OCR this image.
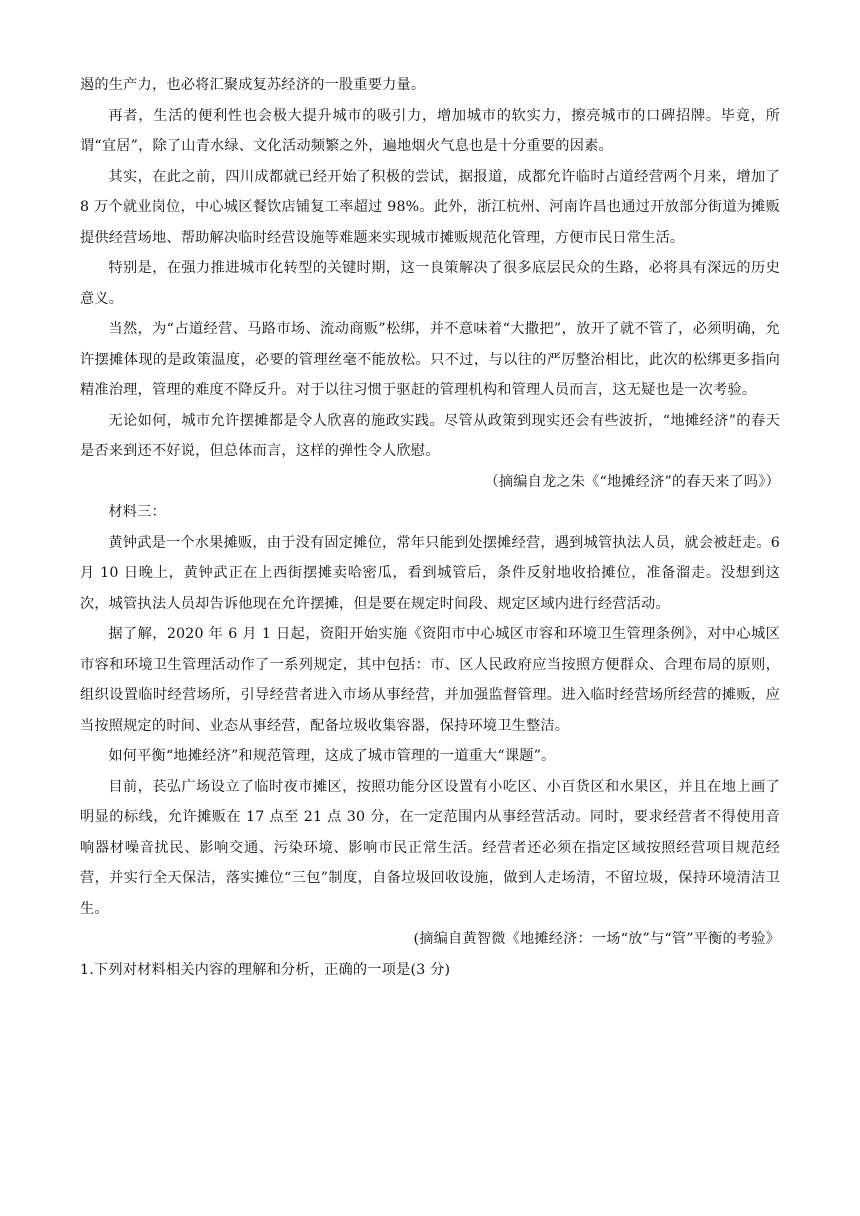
遏的生产力，也必将汇聚成复苏经济的一股重要力量。

再者，生活的便利性也会极大提升城市的吸引力，增加城市的软实力，擦亮城市的口碑招牌。毕竟，所谓“宜居”，除了山青水绿、文化活动频繁之外，遍地烟火气息也是十分重要的因素。

其实，在此之前，四川成都就已经开始了积极的尝试，据报道，成都允许临时占道经营两个月来，增加了 8 万个就业岗位，中心城区餐饮店铺复工率超过 98%。此外，浙江杭州、河南许昌也通过开放部分街道为摊贩提供经营场地、帮助解决临时经营设施等难题来实现城市摊贩规范化管理，方便市民日常生活。

特别是，在强力推进城市化转型的关键时期，这一良策解决了很多底层民众的生路，必将具有深远的历史意义。

当然，为“占道经营、马路市场、流动商贩”松绑，并不意味着“大撒把”，放开了就不管了，必须明确，允许摆摊体现的是政策温度，必要的管理丝毫不能放松。只不过，与以往的严厉整治相比，此次的松绑更多指向精准治理，管理的难度不降反升。对于以往习惯于驱赶的管理机构和管理人员而言，这无疑也是一次考验。

无论如何，城市允许摆摊都是令人欣喜的施政实践。尽管从政策到现实还会有些波折，“地摊经济”的春天是否来到还不好说，但总体而言，这样的弹性令人欣慰。

（摘编自龙之朱《“地摊经济”的春天来了吗》）

材料三：

黄钟武是一个水果摊贩，由于没有固定摊位，常年只能到处摆摊经营，遇到城管执法人员，就会被赶走。6 月 10 日晚上，黄钟武正在上西街摆摊卖哈密瓜，看到城管后，条件反射地收拾摊位，准备溜走。没想到这次，城管执法人员却告诉他现在允许摆摊，但是要在规定时间段、规定区域内进行经营活动。

据了解，2020 年 6 月 1 日起，资阳开始实施《资阳市中心城区市容和环境卫生管理条例》，对中心城区市容和环境卫生管理活动作了一系列规定，其中包括：市、区人民政府应当按照方便群众、合理布局的原则，组织设置临时经营场所，引导经营者进入市场从事经营，并加强监督管理。进入临时经营场所经营的摊贩，应当按照规定的时间、业态从事经营，配备垃圾收集容器，保持环境卫生整洁。

如何平衡“地摊经济”和规范管理，这成了城市管理的一道重大“课题”。

目前，苌弘广场设立了临时夜市摊区，按照功能分区设置有小吃区、小百货区和水果区，并且在地上画了明显的标线，允许摊贩在 17 点至 21 点 30 分，在一定范围内从事经营活动。同时，要求经营者不得使用音响器材噪音扰民、影响交通、污染环境、影响市民正常生活。经营者还必须在指定区域按照经营项目规范经营，并实行全天保洁，落实摊位“三包”制度，自备垃圾回收设施，做到人走场清，不留垃圾，保持环境清洁卫生。

(摘编自黄智微《地摊经济：一场“放”与“管”平衡的考验》

1.下列对材料相关内容的理解和分析，正确的一项是(3 分)
